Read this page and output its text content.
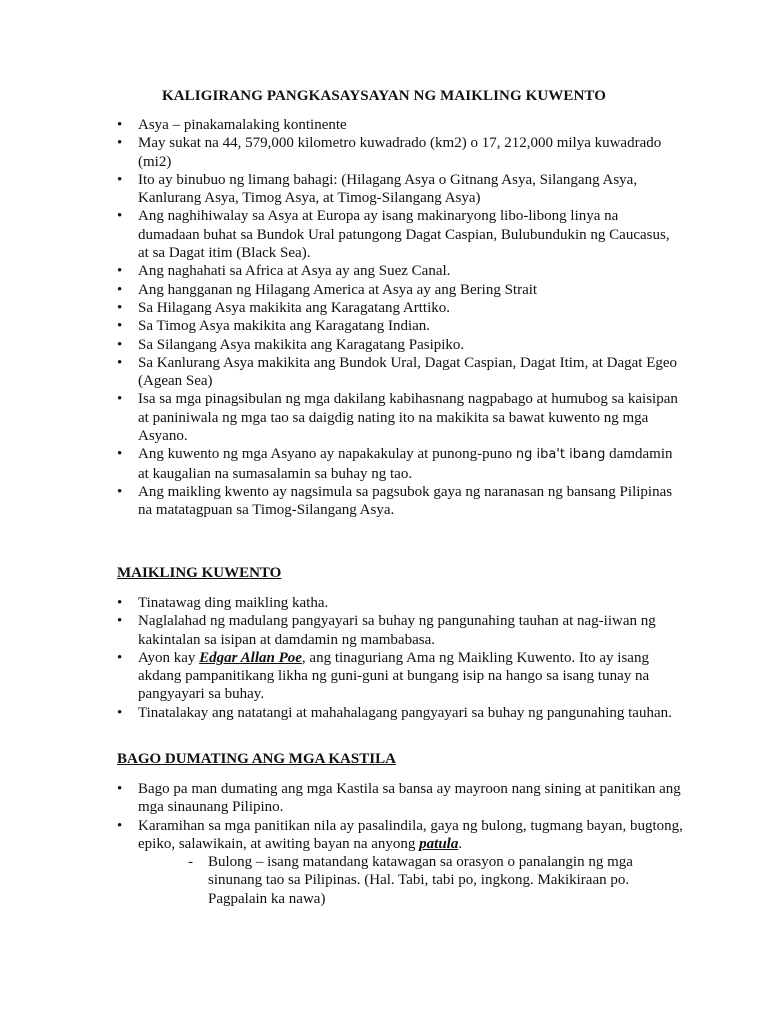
KALIGIRANG PANGKASAYSAYAN NG MAIKLING KUWENTO
• Asya – pinakamalaking kontinente
• May sukat na 44, 579,000 kilometro kuwadrado (km2) o 17, 212,000 milya kuwadrado (mi2)
• Ito ay binubuo ng limang bahagi: (Hilagang Asya o Gitnang Asya, Silangang Asya, Kanlurang Asya, Timog Asya, at Timog-Silangang Asya)
• Ang naghihiwalay sa Asya at Europa ay isang makinaryong libo-libong linya na dumadaan buhat sa Bundok Ural patungong Dagat Caspian, Bulubundukin ng Caucasus, at sa Dagat itim (Black Sea).
• Ang naghahati sa Africa at Asya ay ang Suez Canal.
• Ang hangganan ng Hilagang America at Asya ay ang Bering Strait
• Sa Hilagang Asya makikita ang Karagatang Arttiko.
• Sa Timog Asya makikita ang Karagatang Indian.
• Sa Silangang Asya makikita ang Karagatang Pasipiko.
• Sa Kanlurang Asya makikita ang Bundok Ural, Dagat Caspian, Dagat Itim, at Dagat Egeo (Agean Sea)
• Isa sa mga pinagsibulan ng mga dakilang kabihasnang nagpabago at humubog sa kaisipan at paniniwala ng mga tao sa daigdig nating ito na makikita sa bawat kuwento ng mga Asyano.
• Ang kuwento ng mga Asyano ay napakakulay at punong-puno ng iba't ibang damdamin at kaugalian na sumasalamin sa buhay ng tao.
• Ang maikling kwento ay nagsimula sa pagsubok gaya ng naranasan ng bansang Pilipinas na matatagpuan sa Timog-Silangang Asya.
MAIKLING KUWENTO
• Tinatawag ding maikling katha.
• Naglalahad ng madulang pangyayari sa buhay ng pangunahing tauhan at nag-iiwan ng kakintalan sa isipan at damdamin ng mambabasa.
• Ayon kay Edgar Allan Poe, ang tinaguriang Ama ng Maikling Kuwento. Ito ay isang akdang pampanitikang likha ng guni-guni at bungang isip na hango sa isang tunay na pangyayari sa buhay.
• Tinatalakay ang natatangi at mahahalagang pangyayari sa buhay ng pangunahing tauhan.
BAGO DUMATING ANG MGA KASTILA
• Bago pa man dumating ang mga Kastila sa bansa ay mayroon nang sining at panitikan ang mga sinaunang Pilipino.
• Karamihan sa mga panitikan nila ay pasalindila, gaya ng bulong, tugmang bayan, bugtong, epiko, salawikain, at awiting bayan na anyong patula.
-	Bulong – isang matandang katawagan sa orasyon o panalangin ng mga sinunang tao sa Pilipinas. (Hal. Tabi, tabi po, ingkong. Makikiraan po. Pagpalain ka nawa)
